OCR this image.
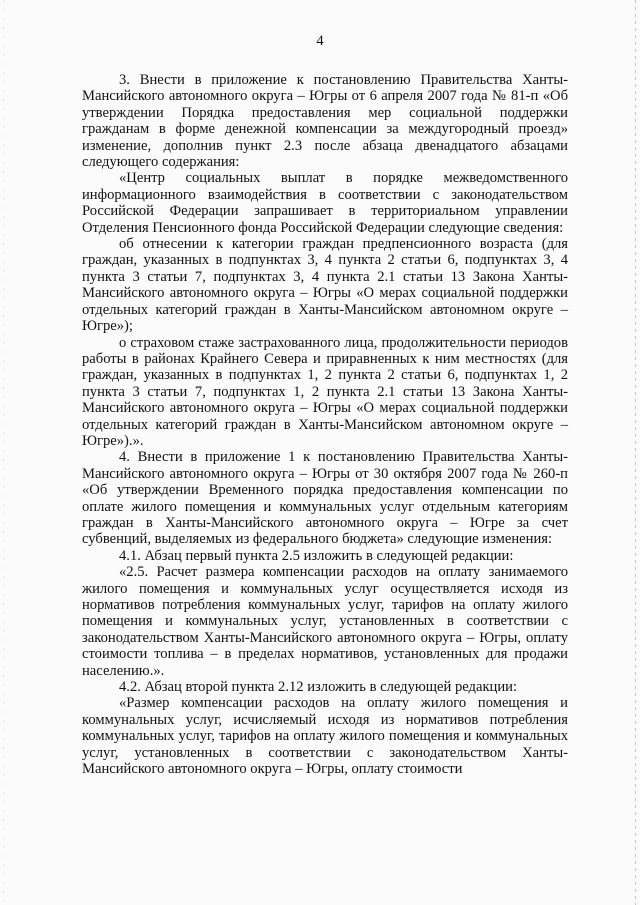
4

3. Внести в приложение к постановлению Правительства Ханты-Мансийского автономного округа – Югры от 6 апреля 2007 года № 81-п «Об утверждении Порядка предоставления мер социальной поддержки гражданам в форме денежной компенсации за междугородный проезд» изменение, дополнив пункт 2.3 после абзаца двенадцатого абзацами следующего содержания:

«Центр социальных выплат в порядке межведомственного информационного взаимодействия в соответствии с законодательством Российской Федерации запрашивает в территориальном управлении Отделения Пенсионного фонда Российской Федерации следующие сведения:

об отнесении к категории граждан предпенсионного возраста (для граждан, указанных в подпунктах 3, 4 пункта 2 статьи 6, подпунктах 3, 4 пункта 3 статьи 7, подпунктах 3, 4 пункта 2.1 статьи 13 Закона Ханты-Мансийского автономного округа – Югры «О мерах социальной поддержки отдельных категорий граждан в Ханты-Мансийском автономном округе – Югре»);

о страховом стаже застрахованного лица, продолжительности периодов работы в районах Крайнего Севера и приравненных к ним местностях (для граждан, указанных в подпунктах 1, 2 пункта 2 статьи 6, подпунктах 1, 2 пункта 3 статьи 7, подпунктах 1, 2 пункта 2.1 статьи 13 Закона Ханты-Мансийского автономного округа – Югры «О мерах социальной поддержки отдельных категорий граждан в Ханты-Мансийском автономном округе – Югре»).».

4. Внести в приложение 1 к постановлению Правительства Ханты-Мансийского автономного округа – Югры от 30 октября 2007 года № 260-п «Об утверждении Временного порядка предоставления компенсации по оплате жилого помещения и коммунальных услуг отдельным категориям граждан в Ханты-Мансийского автономного округа – Югре за счет субвенций, выделяемых из федерального бюджета» следующие изменения:

4.1. Абзац первый пункта 2.5 изложить в следующей редакции:

«2.5. Расчет размера компенсации расходов на оплату занимаемого жилого помещения и коммунальных услуг осуществляется исходя из нормативов потребления коммунальных услуг, тарифов на оплату жилого помещения и коммунальных услуг, установленных в соответствии с законодательством Ханты-Мансийского автономного округа – Югры, оплату стоимости топлива – в пределах нормативов, установленных для продажи населению.».

4.2. Абзац второй пункта 2.12 изложить в следующей редакции:

«Размер компенсации расходов на оплату жилого помещения и коммунальных услуг, исчисляемый исходя из нормативов потребления коммунальных услуг, тарифов на оплату жилого помещения и коммунальных услуг, установленных в соответствии с законодательством Ханты-Мансийского автономного округа – Югры, оплату стоимости
